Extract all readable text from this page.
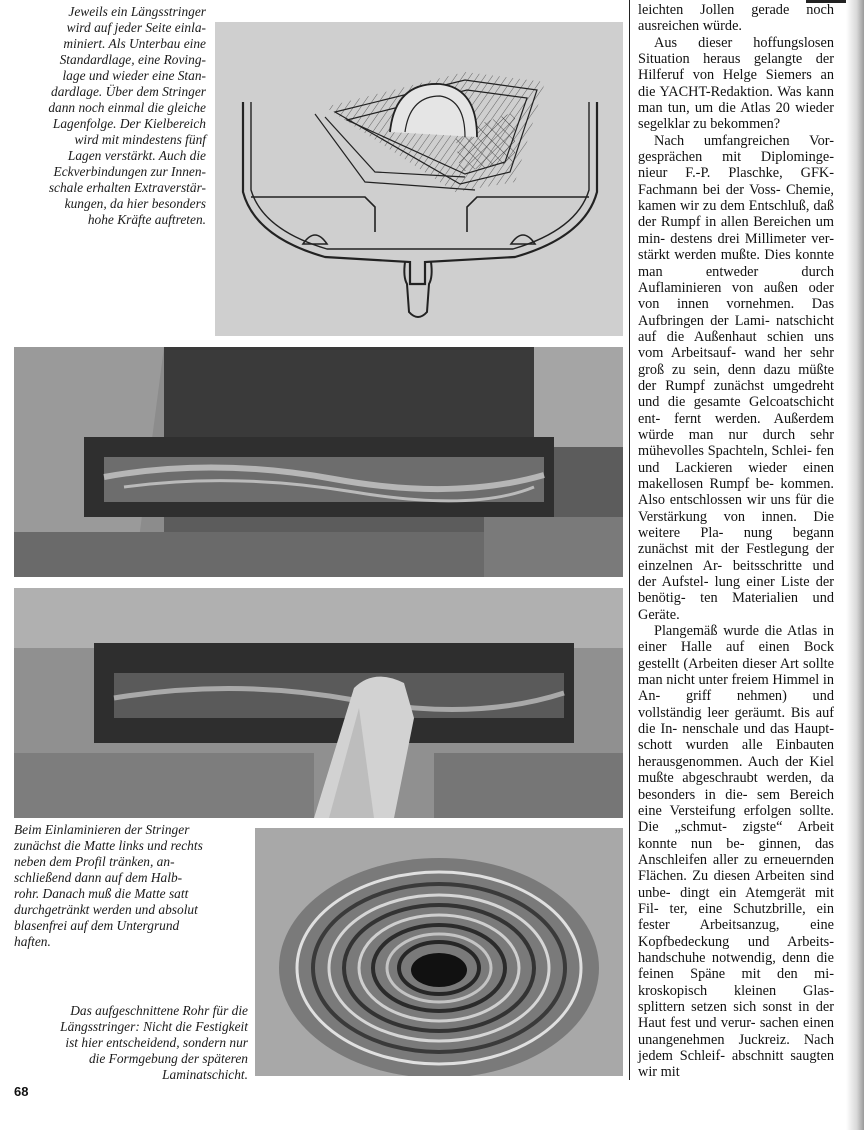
Jeweils ein Längsstringer
wird auf jeder Seite einla-
miniert. Als Unterbau eine
Standardlage, eine Roving-
lage und wieder eine Stan-
dardlage. Über dem Stringer
dann noch einmal die gleiche
Lagenfolge. Der Kielbereich
wird mit mindestens fünf
Lagen verstärkt. Auch die
Eckverbindungen zur Innen-
schale erhalten Extraverstär-
kungen, da hier besonders
hohe Kräfte auftreten.
Beim Einlaminieren der Stringer
zunächst die Matte links und rechts
neben dem Profil tränken, an-
schließend dann auf dem Halb-
rohr. Danach muß die Matte satt
durchgetränkt werden und absolut
blasenfrei auf dem Untergrund
haften.
Das aufgeschnittene Rohr für die
Längsstringer: Nicht die Festigkeit
ist hier entscheidend, sondern nur
die Formgebung der späteren
Laminatschicht.

leichten Jollen gerade noch ausreichen würde.

Aus dieser hoffungslosen Situation heraus gelangte der Hilferuf von Helge Siemers an die YACHT-Redaktion. Was kann man tun, um die Atlas 20 wieder segelklar zu bekommen?

Nach umfangreichen Vor- gesprächen mit Diplominge- nieur F.-P. Plaschke, GFK- Fachmann bei der Voss- Chemie, kamen wir zu dem Entschluß, daß der Rumpf in allen Bereichen um min- destens drei Millimeter ver- stärkt werden mußte. Dies konnte man entweder durch Auflaminieren von außen oder von innen vornehmen. Das Aufbringen der Lami- natschicht auf die Außenhaut schien uns vom Arbeitsauf- wand her sehr groß zu sein, denn dazu müßte der Rumpf zunächst umgedreht und die gesamte Gelcoatschicht ent- fernt werden. Außerdem würde man nur durch sehr mühevolles Spachteln, Schlei- fen und Lackieren wieder einen makellosen Rumpf be- kommen. Also entschlossen wir uns für die Verstärkung von innen. Die weitere Pla- nung begann zunächst mit der Festlegung der einzelnen Ar- beitsschritte und der Aufstel- lung einer Liste der benötig- ten Materialien und Geräte.

Plangemäß wurde die Atlas in einer Halle auf einen Bock gestellt (Arbeiten dieser Art sollte man nicht unter freiem Himmel in An- griff nehmen) und vollständig leer geräumt. Bis auf die In- nenschale und das Haupt- schott wurden alle Einbauten herausgenommen. Auch der Kiel mußte abgeschraubt werden, da besonders in die- sem Bereich eine Versteifung erfolgen sollte. Die „schmut- zigste“ Arbeit konnte nun be- ginnen, das Anschleifen aller zu erneuernden Flächen. Zu diesen Arbeiten sind unbe- dingt ein Atemgerät mit Fil- ter, eine Schutzbrille, ein fester Arbeitsanzug, eine Kopfbedeckung und Arbeits- handschuhe notwendig, denn die feinen Späne mit den mi- kroskopisch kleinen Glas- splittern setzen sich sonst in der Haut fest und verur- sachen einen unangenehmen Juckreiz. Nach jedem Schleif- abschnitt saugten wir mit

68
